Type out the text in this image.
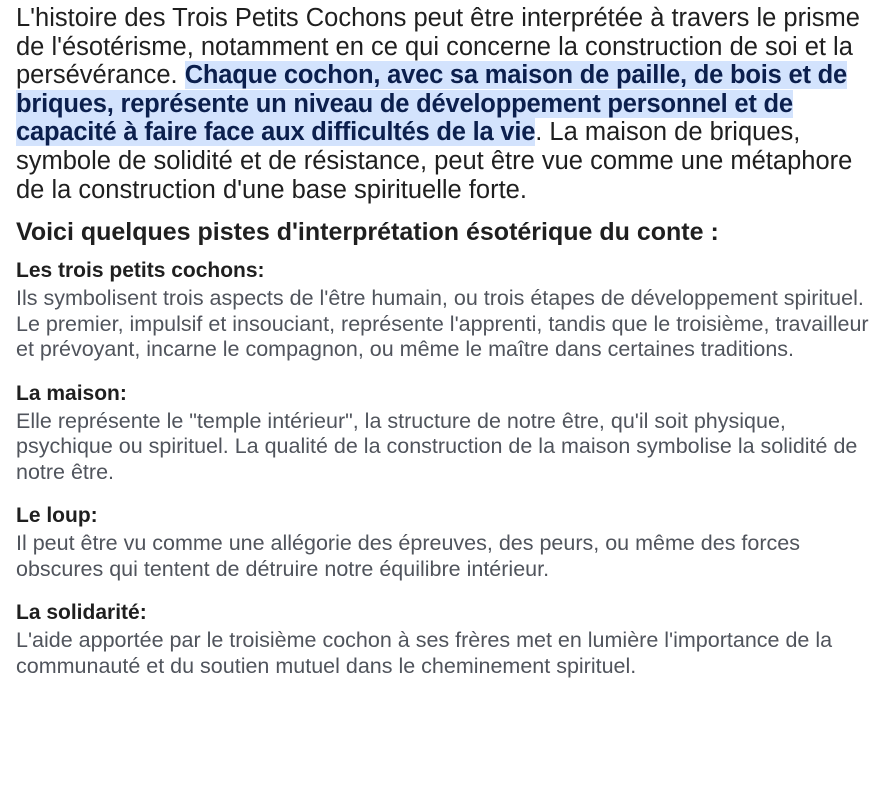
L'histoire des Trois Petits Cochons peut être interprétée à travers le prisme de l'ésotérisme, notamment en ce qui concerne la construction de soi et la persévérance. Chaque cochon, avec sa maison de paille, de bois et de briques, représente un niveau de développement personnel et de capacité à faire face aux difficultés de la vie. La maison de briques, symbole de solidité et de résistance, peut être vue comme une métaphore de la construction d'une base spirituelle forte.

Voici quelques pistes d'interprétation ésotérique du conte :

Les trois petits cochons:

Ils symbolisent trois aspects de l'être humain, ou trois étapes de développement spirituel. Le premier, impulsif et insouciant, représente l'apprenti, tandis que le troisième, travailleur et prévoyant, incarne le compagnon, ou même le maître dans certaines traditions.

La maison:

Elle représente le "temple intérieur", la structure de notre être, qu'il soit physique, psychique ou spirituel. La qualité de la construction de la maison symbolise la solidité de notre être.

Le loup:

Il peut être vu comme une allégorie des épreuves, des peurs, ou même des forces obscures qui tentent de détruire notre équilibre intérieur.

La solidarité:

L'aide apportée par le troisième cochon à ses frères met en lumière l'importance de la communauté et du soutien mutuel dans le cheminement spirituel.
